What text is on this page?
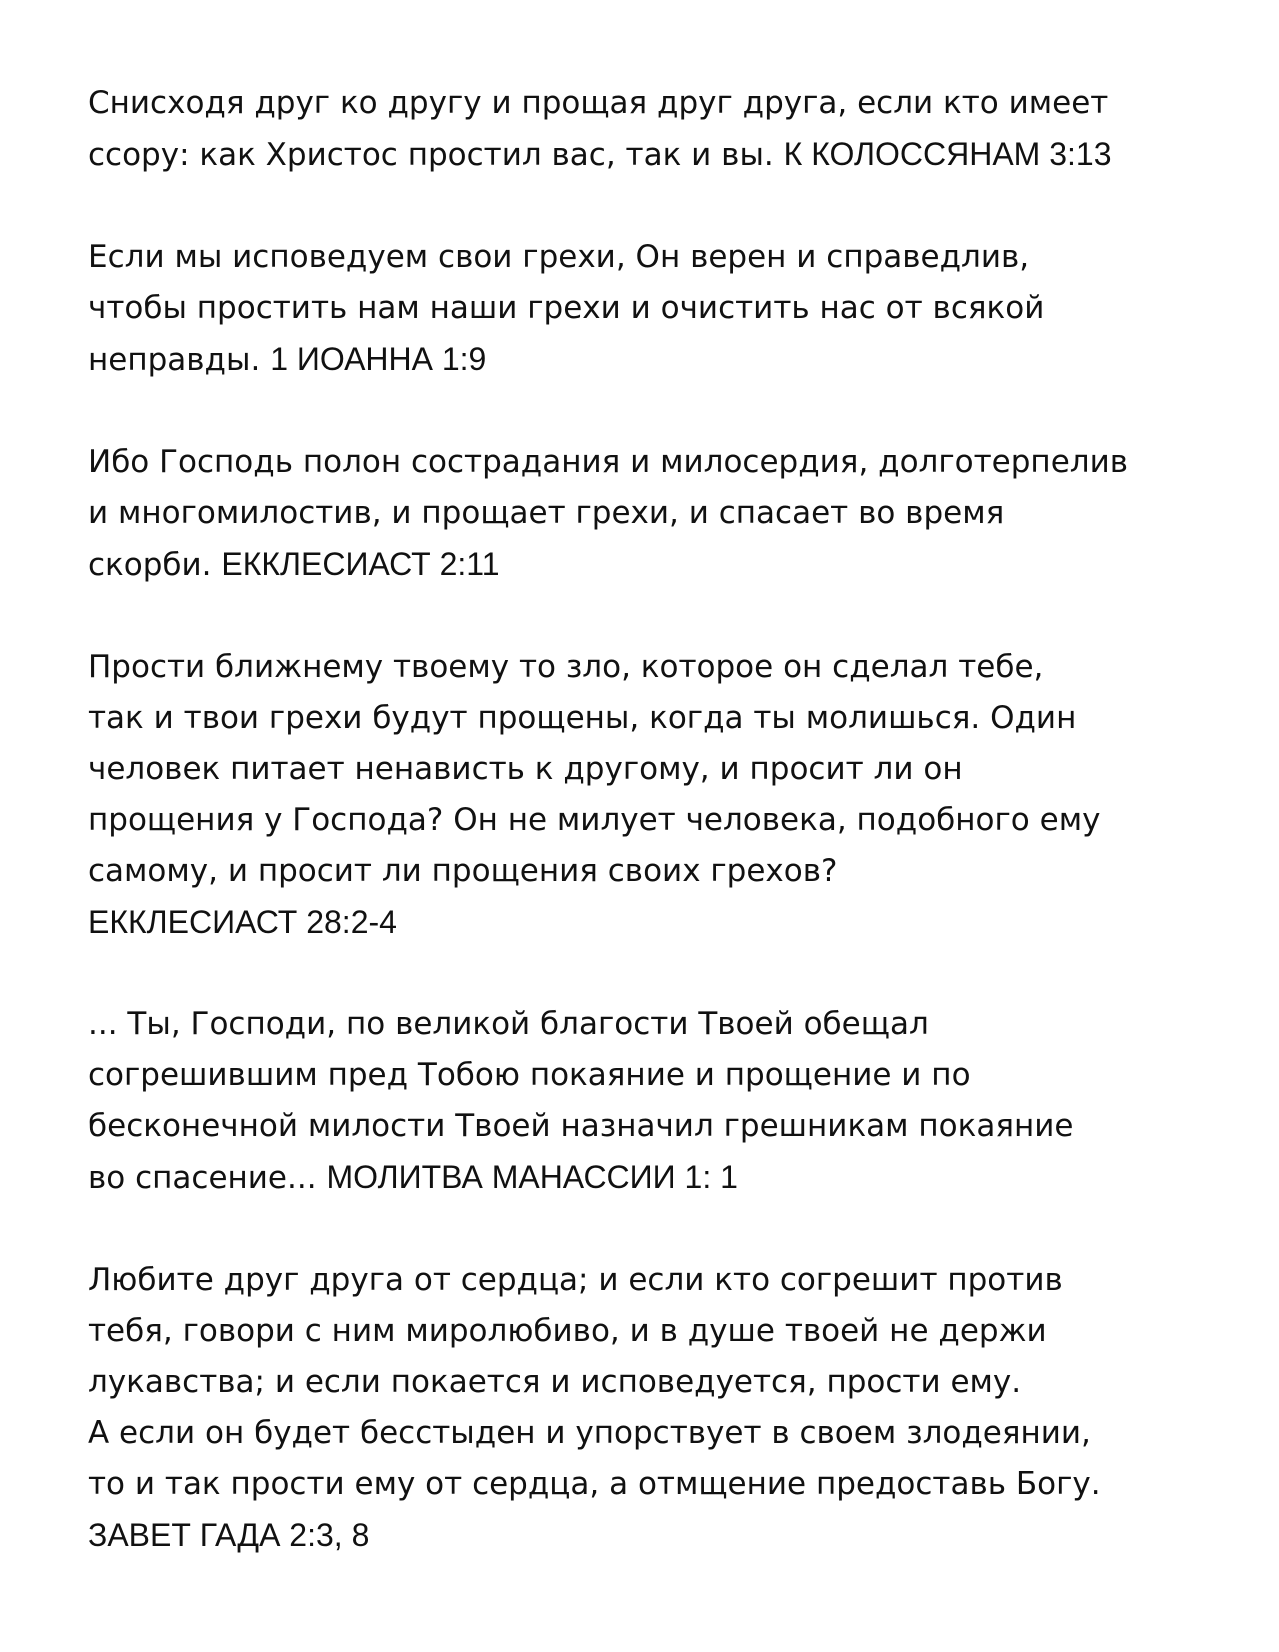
Снисходя друг ко другу и прощая друг друга, если кто имеет
ссору: как Христос простил вас, так и вы. К КОЛОССЯНАМ 3:13

Если мы исповедуем свои грехи, Он верен и справедлив,
чтобы простить нам наши грехи и очистить нас от всякой
неправды. 1 ИОАННА 1:9

Ибо Господь полон сострадания и милосердия, долготерпелив
и многомилостив, и прощает грехи, и спасает во время
скорби. ЕККЛЕСИАСТ 2:11

Прости ближнему твоему то зло, которое он сделал тебе,
так и твои грехи будут прощены, когда ты молишься. Один
человек питает ненависть к другому, и просит ли он
прощения у Господа? Он не милует человека, подобного ему
самому, и просит ли прощения своих грехов?
ЕККЛЕСИАСТ 28:2-4

... Ты, Господи, по великой благости Твоей обещал
согрешившим пред Тобою покаяние и прощение и по
бесконечной милости Твоей назначил грешникам покаяние
во спасение... МОЛИТВА МАНАССИИ 1: 1

Любите друг друга от сердца; и если кто согрешит против
тебя, говори с ним миролюбиво, и в душе твоей не держи
лукавства; и если покается и исповедуется, прости ему.
А если он будет бесстыден и упорствует в своем злодеянии,
то и так прости ему от сердца, а отмщение предоставь Богу.
ЗАВЕТ ГАДА 2:3, 8
